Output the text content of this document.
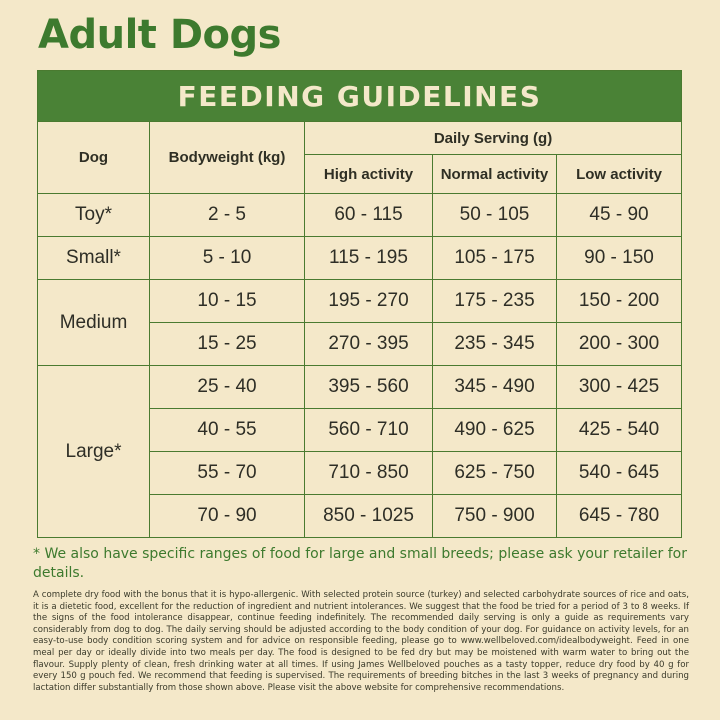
Adult Dogs
FEEDING GUIDELINES				
Dog	Bodyweight (kg)	Daily Serving (g)		
		High activity	Normal activity	Low activity
Toy*	2 - 5	60 - 115	50 - 105	45 - 90
Small*	5 - 10	115 - 195	105 - 175	90 - 150
Medium	10 - 15	195 - 270	175 - 235	150 - 200
	15 - 25	270 - 395	235 - 345	200 - 300
Large*	25 - 40	395 - 560	345 - 490	300 - 425
	40 - 55	560 - 710	490 - 625	425 - 540
	55 - 70	710 - 850	625 - 750	540 - 645
	70 - 90	850 - 1025	750 - 900	645 - 780
* We also have specific ranges of food for large and small breeds; please ask your retailer for details.
A complete dry food with the bonus that it is hypo-allergenic. With selected protein source (turkey) and selected carbohydrate sources of rice and oats, it is a dietetic food, excellent for the reduction of ingredient and nutrient intolerances. We suggest that the food be tried for a period of 3 to 8 weeks. If the signs of the food intolerance disappear, continue feeding indefinitely. The recommended daily serving is only a guide as requirements vary considerably from dog to dog. The daily serving should be adjusted according to the body condition of your dog. For guidance on activity levels, for an easy-to-use body condition scoring system and for advice on responsible feeding, please go to www.wellbeloved.com/idealbodyweight. Feed in one meal per day or ideally divide into two meals per day. The food is designed to be fed dry but may be moistened with warm water to bring out the flavour. Supply plenty of clean, fresh drinking water at all times. If using James Wellbeloved pouches as a tasty topper, reduce dry food by 40 g for every 150 g pouch fed. We recommend that feeding is supervised. The requirements of breeding bitches in the last 3 weeks of pregnancy and during lactation differ substantially from those shown above. Please visit the above website for comprehensive recommendations.
